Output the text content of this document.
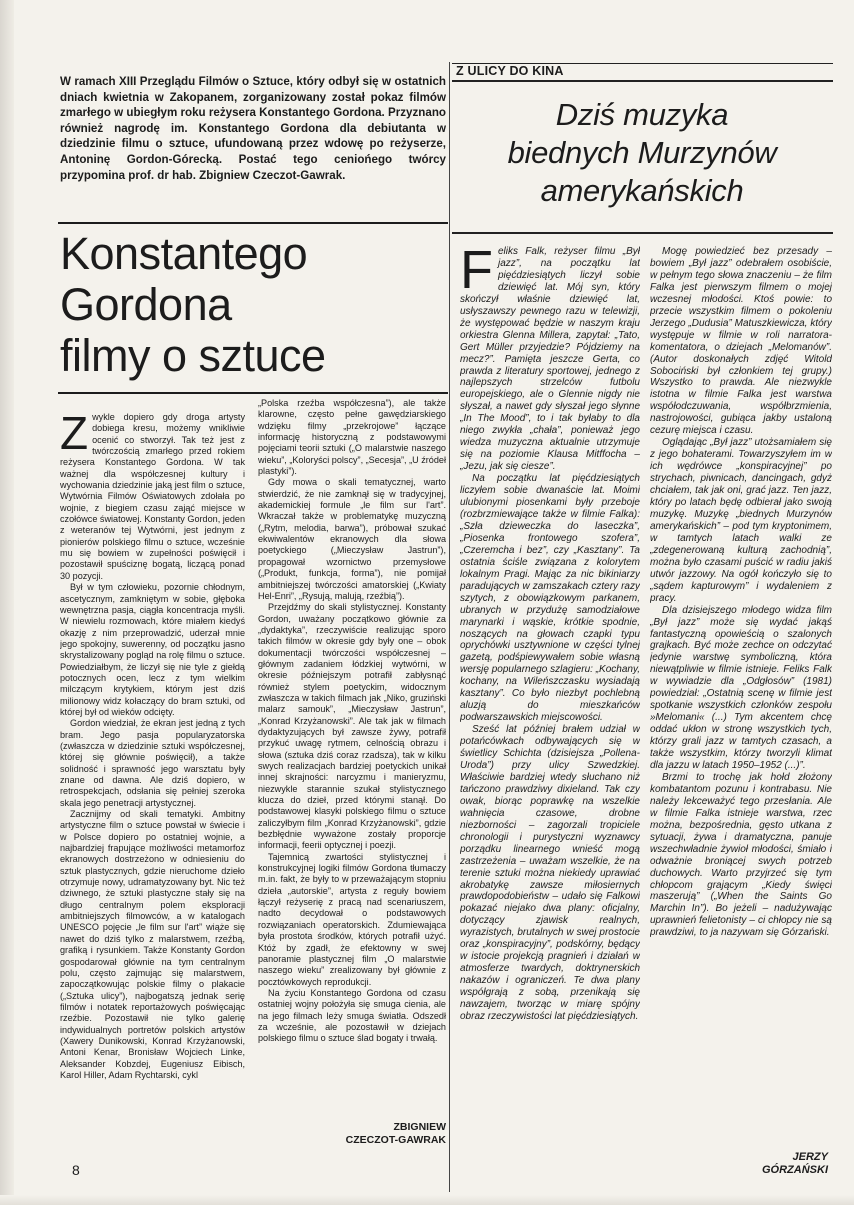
W ramach XIII Przeglądu Filmów o Sztuce, który odbył się w ostatnich dniach kwietnia w Zakopanem, zorganizowany został pokaz filmów zmarłego w ubiegłym roku reżysera Konstantego Gordona. Przyznano również nagrodę im. Konstantego Gordona dla debiutanta w dziedzinie filmu o sztuce, ufundowaną przez wdowę po reżyserze, Antoninę Gordon-Górecką. Postać tego ceniońego twórcy przypomina prof. dr hab. Zbigniew Czeczot-Gawrak.
Konstantego
Gordona
filmy o sztuce

Zwykle dopiero gdy droga artysty dobiega kresu, możemy wnikliwie ocenić co stworzył. Tak też jest z twórczością zmarłego przed rokiem reżysera Konstantego Gordona. W tak ważnej dla współczesnej kultury i wychowania dziedzinie jaką jest film o sztuce, Wytwórnia Filmów Oświatowych zdołała po wojnie, z biegiem czasu zająć miejsce w czołówce światowej. Konstanty Gordon, jeden z weteranów tej Wytwórni, jest jednym z pionierów polskiego filmu o sztuce, wcześnie mu się bowiem w zupełności poświęcił i pozostawił spuściznę bogatą, liczącą ponad 30 pozycji.

Był w tym człowieku, pozornie chłodnym, ascetycznym, zamkniętym w sobie, głęboka wewnętrzna pasja, ciągła koncentracja myśli. W niewielu rozmowach, które miałem kiedyś okazję z nim przeprowadzić, uderzał mnie jego spokojny, suwerenny, od początku jasno skrystalizowany pogląd na rolę filmu o sztuce. Powiedziałbym, że liczył się nie tyle z giełdą potocznych ocen, lecz z tym wielkim milczącym krytykiem, którym jest dziś milionowy widz kołaczący do bram sztuki, od której był od wieków odcięty.

Gordon wiedział, że ekran jest jedną z tych bram. Jego pasja popularyzatorska (zwłaszcza w dziedzinie sztuki współczesnej, której się głównie poświęcił), a także solidność i sprawność jego warsztatu były znane od dawna. Ale dziś dopiero, w retrospekcjach, odsłania się pełniej szeroka skala jego penetracji artystycznej.

Zacznijmy od skali tematyki. Ambitny artystyczne film o sztuce powstał w świecie i w Polsce dopiero po ostatniej wojnie, a najbardziej frapujące możliwości metamorfoz ekranowych dostrzeżono w odniesieniu do sztuk plastycznych, gdzie nieruchome dzieło otrzymuje nowy, udramatyzowany byt. Nic też dziwnego, że sztuki plastyczne stały się na długo centralnym polem eksploracji ambitniejszych filmowców, a w katalogach UNESCO pojęcie „le film sur l'art” wiąże się nawet do dziś tylko z malarstwem, rzeźbą, grafiką i rysunkiem. Także Konstanty Gordon gospodarował głównie na tym centralnym polu, często zajmując się malarstwem, zapoczątkowując polskie filmy o plakacie („Sztuka ulicy”), najbogatszą jednak serię filmów i notatek reportażowych poświęcając rzeźbie. Pozostawił nie tylko galerię indywidualnych portretów polskich artystów (Xawery Dunikowski, Konrad Krzyżanowski, Antoni Kenar, Bronisław Wojciech Linke, Aleksander Kobzdej, Eugeniusz Eibisch, Karol Hiller, Adam Rychtarski, cykl

„Polska rzeźba współczesna”), ale także klarowne, często pełne gawędziarskiego wdzięku filmy „przekrojowe” łączące informację historyczną z podstawowymi pojęciami teorii sztuki („O malarstwie naszego wieku”, „Koloryści polscy”, „Secesja”, „U źródeł plastyki”).

Gdy mowa o skali tematycznej, warto stwierdzić, że nie zamknął się w tradycyjnej, akademickiej formule „le film sur l'art”. Wkraczał także w problematykę muzyczną („Rytm, melodia, barwa”), próbował szukać ekwiwalentów ekranowych dla słowa poetyckiego („Mieczysław Jastrun”), propagował wzornictwo przemysłowe („Produkt, funkcja, forma”), nie pomijał ambitniejszej twórczości amatorskiej („Kwiaty Hel-Enri”, „Rysują, malują, rzeźbią”).

Przejdźmy do skali stylistycznej. Konstanty Gordon, uważany początkowo głównie za „dydaktyka”, rzeczywiście realizując sporo takich filmów w okresie gdy były one – obok dokumentacji twórczości współczesnej – głównym zadaniem łódzkiej wytwórni, w okresie późniejszym potrafił zabłysnąć również stylem poetyckim, widocznym zwłaszcza w takich filmach jak „Niko, gruziński malarz samouk”, „Mieczysław Jastrun”, „Konrad Krzyżanowski”. Ale tak jak w filmach dydaktyzujących był zawsze żywy, potrafił przykuć uwagę rytmem, celnością obrazu i słowa (sztuka dziś coraz rzadsza), tak w kilku swych realizacjach bardziej poetyckich unikał innej skrajności: narcyzmu i manieryzmu, niezwykle starannie szukał stylistycznego klucza do dzieł, przed którymi stanął. Do podstawowej klasyki polskiego filmu o sztuce zaliczyłbym film „Konrad Krzyżanowski”, gdzie bezbłędnie wyważone zostały proporcje informacji, feerii optycznej i poezji.

Tajemnicą zwartości stylistycznej i konstrukcyjnej logiki filmów Gordona tłumaczy m.in. fakt, że były to w przeważającym stopniu dzieła „autorskie”, artysta z reguły bowiem łączył reżyserię z pracą nad scenariuszem, nadto decydował o podstawowych rozwiązaniach operatorskich. Zdumiewająca była prostota środków, których potrafił użyć. Któż by zgadł, że efektowny w swej panoramie plastycznej film „O malarstwie naszego wieku” zrealizowany był głównie z pocztówkowych reprodukcji.

Na życiu Konstantego Gordona od czasu ostatniej wojny położyła się smuga cienia, ale na jego filmach leży smuga światła. Odszedł za wcześnie, ale pozostawił w dziejach polskiego filmu o sztuce ślad bogaty i trwałą.

ZBIGNIEW
CZECZOT-GAWRAK
8
Z ULICY DO KINA
Dziś muzyka
biednych Murzynów
amerykańskich

Feliks Falk, reżyser filmu „Był jazz”, na początku lat pięćdziesiątych liczył sobie dziewięć lat. Mój syn, który skończył właśnie dziewięć lat, usłyszawszy pewnego razu w telewizji, że występować będzie w naszym kraju orkiestra Glenna Millera, zapytał: „Tato, Gert Müller przyjedzie? Pójdziemy na mecz?”. Pamięta jeszcze Gerta, co prawda z literatury sportowej, jednego z najlepszych strzelców futbolu europejskiego, ale o Glennie nigdy nie słyszał, a nawet gdy słyszał jego słynne „In The Mood”, to i tak byłaby to dla niego zwykła „chała”, ponieważ jego wiedza muzyczna aktualnie utrzymuje się na poziomie Klausa Mitffocha – „Jezu, jak się ciesze”.

Na początku lat pięćdziesiątych liczyłem sobie dwanaście lat. Moimi ulubionymi piosenkami były przeboje (rozbrzmiewające także w filmie Falka): „Szła dzieweczka do laseczka”, „Piosenka frontowego szofera”, „Czeremcha i bez”, czy „Kasztany”. Ta ostatnia ściśle związana z kolorytem lokalnym Pragi. Mając za nic bikiniarzy paradujących w zamszakach cztery razy szytych, z obowiązkowym parkanem, ubranych w przydużę samodziałowe marynarki i wąskie, krótkie spodnie, noszących na głowach czapki typu oprychówki usztywnione w części tylnej gazetą, podśpiewywałem sobie własną wersję popularnego szlagieru: „Kochany, kochany, na Wileńszczasku wysiadają kasztany”. Co było niezbyt pochlebną aluzją do mieszkańców podwarszawskich miejscowości.

Sześć lat później brałem udział w potańcówkach odbywających się w świetlicy Schichta (dzisiejsza „Pollena-Uroda”) przy ulicy Szwedzkiej. Właściwie bardziej wtedy słuchano niż tańczono prawdziwy dixieland. Tak czy owak, biorąc poprawkę na wszelkie wahnięcia czasowe, drobne niezborności – zagorzali tropiciele chronologii i purystyczni wyznawcy porządku linearnego wnieść mogą zastrzeżenia – uważam wszelkie, że na terenie sztuki można niekiedy uprawiać akrobatykę zawsze miłosiernych prawdopodobieństw – udało się Falkowi pokazać niejako dwa plany: oficjalny, dotyczący zjawisk realnych, wyrazistych, brutalnych w swej prostocie oraz „konspiracyjny”, podskórny, będący w istocie projekcją pragnień i działań w atmosferze twardych, doktrynerskich nakazów i ograniczeń. Te dwa plany współgrają z sobą, przenikają się nawzajem, tworząc w miarę spójny obraz rzeczywistości lat pięćdziesiątych.

Mogę powiedzieć bez przesady – bowiem „Był jazz” odebrałem osobiście, w pełnym tego słowa znaczeniu – że film Falka jest pierwszym filmem o mojej wczesnej młodości. Ktoś powie: to przecie wszystkim filmem o pokoleniu Jerzego „Dudusia” Matuszkiewicza, który występuje w filmie w roli narratora-komentatora, o dziejach „Melomanów”. (Autor doskonałych zdjęć Witold Sobociński był członkiem tej grupy.) Wszystko to prawda. Ale niezwykle istotna w filmie Falka jest warstwa współodczuwania, współbrzmienia, nastrojowości, gubiąca jakby ustaloną cezurę miejsca i czasu.

Oglądając „Był jazz” utożsamiałem się z jego bohaterami. Towarzyszyłem im w ich wędrówce „konspiracyjnej” po strychach, piwnicach, dancingach, gdyż chciałem, tak jak oni, grać jazz. Ten jazz, który po latach będę odbierał jako swoją muzykę. Muzykę „biednych Murzynów amerykańskich” – pod tym kryptonimem, w tamtych latach walki ze „zdegenerowaną kulturą zachodnią”, można było czasami puścić w radiu jakiś utwór jazzowy. Na ogół kończyło się to „sądem kapturowym” i wydaleniem z pracy.

Dla dzisiejszego młodego widza film „Był jazz” może się wydać jakąś fantastyczną opowieścią o szalonych grajkach. Być może zechce on odczytać jedynie warstwę symboliczną, która niewątpliwie w filmie istnieje. Feliks Falk w wywiadzie dla „Odgłosów” (1981) powiedział: „Ostatnią scenę w filmie jest spotkanie wszystkich członków zespołu »Melomani« (...) Tym akcentem chcę oddać ukłon w stronę wszystkich tych, którzy grali jazz w tamtych czasach, a także wszystkim, którzy tworzyli klimat dla jazzu w latach 1950–1952 (...)”.

Brzmi to trochę jak hołd złożony kombatantom pozunu i kontrabasu. Nie należy lekceważyć tego przesłania. Ale w filmie Falka istnieje warstwa, rzec można, bezpośrednia, gęsto utkana z sytuacji, żywa i dramatyczna, panuje wszechwładnie żywioł młodości, śmiało i odważnie broniącej swych potrzeb duchowych. Warto przyjrzeć się tym chłopcom grającym „Kiedy święci maszerują” („When the Saints Go Marchin In”). Bo jeżeli – nadużywając uprawnień felietonisty – ci chłopcy nie są prawdziwi, to ja nazywam się Górzański.

JERZY
GÓRZAŃSKI
